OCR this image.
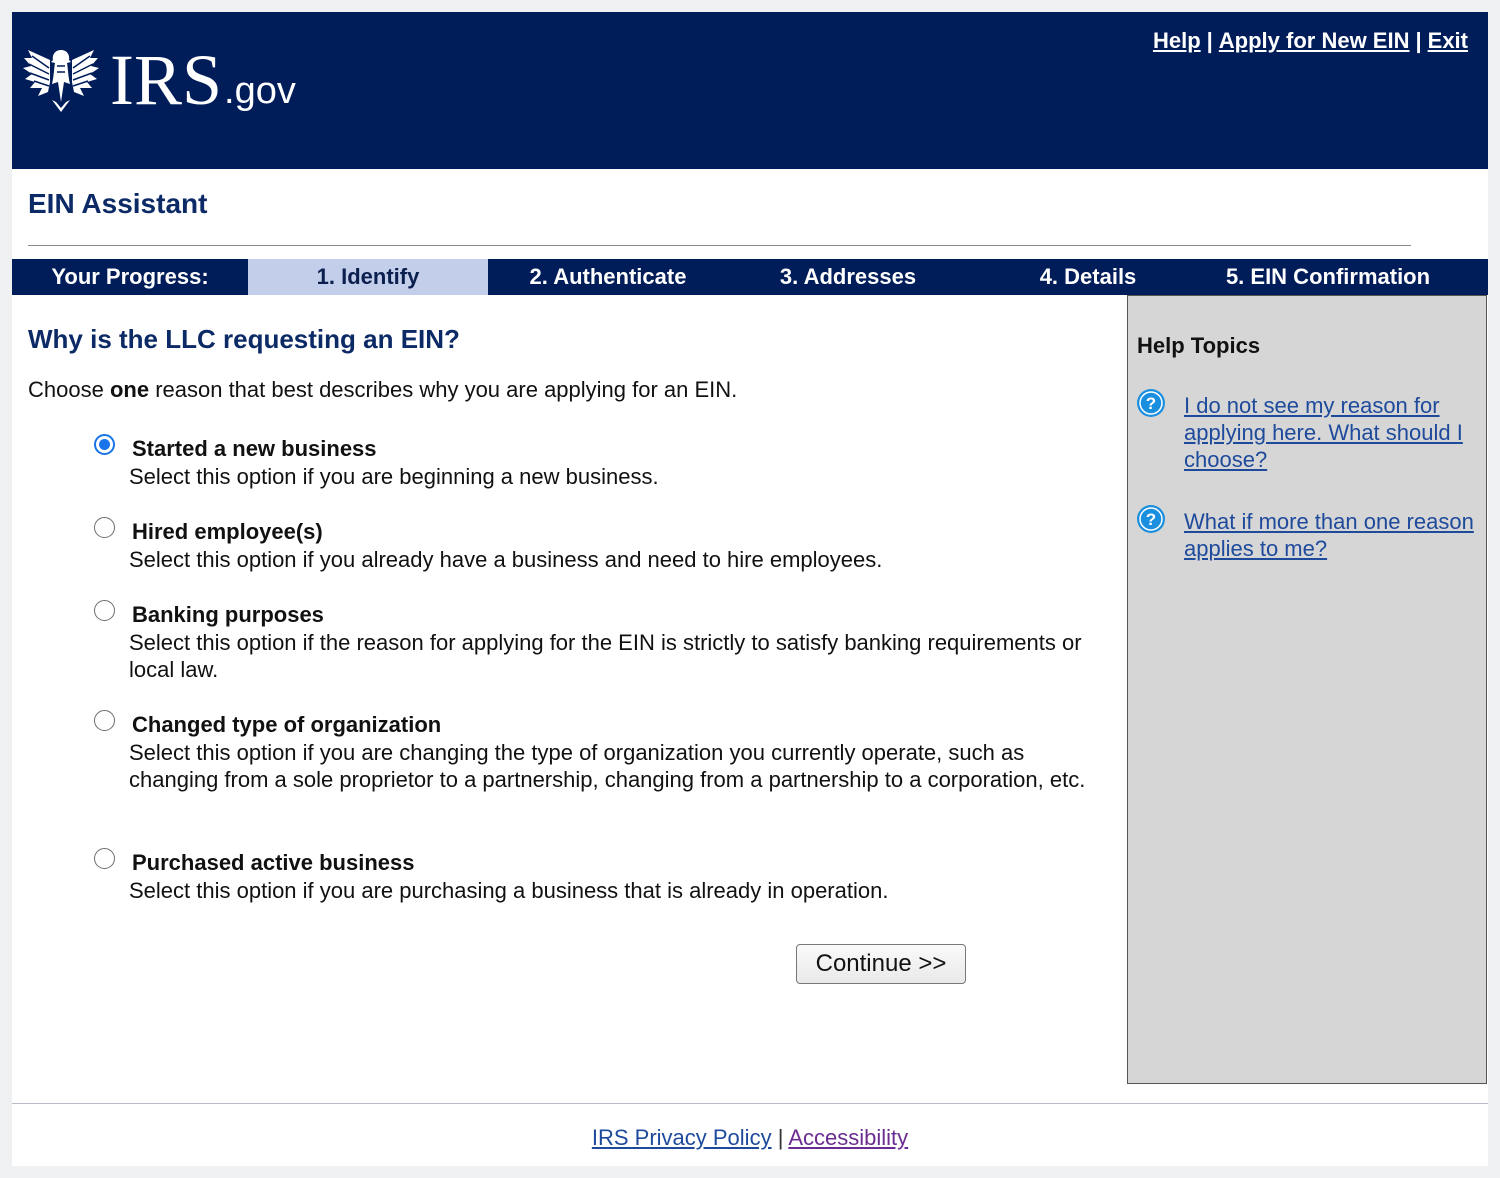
IRS .gov
Help | Apply for New EIN | Exit
EIN Assistant
Your Progress:	1. Identify	2. Authenticate	3. Addresses	4. Details	5. EIN Confirmation
Why is the LLC requesting an EIN?
Choose one reason that best describes why you are applying for an EIN.
Started a new business
Select this option if you are beginning a new business.
Hired employee(s)
Select this option if you already have a business and need to hire employees.
Banking purposes
Select this option if the reason for applying for the EIN is strictly to satisfy banking requirements or local law.
Changed type of organization
Select this option if you are changing the type of organization you currently operate, such as changing from a sole proprietor to a partnership, changing from a partnership to a corporation, etc.
Purchased active business
Select this option if you are purchasing a business that is already in operation.
Continue >>
Help Topics
? I do not see my reason for applying here. What should I choose?
? What if more than one reason applies to me?
IRS Privacy Policy | Accessibility
